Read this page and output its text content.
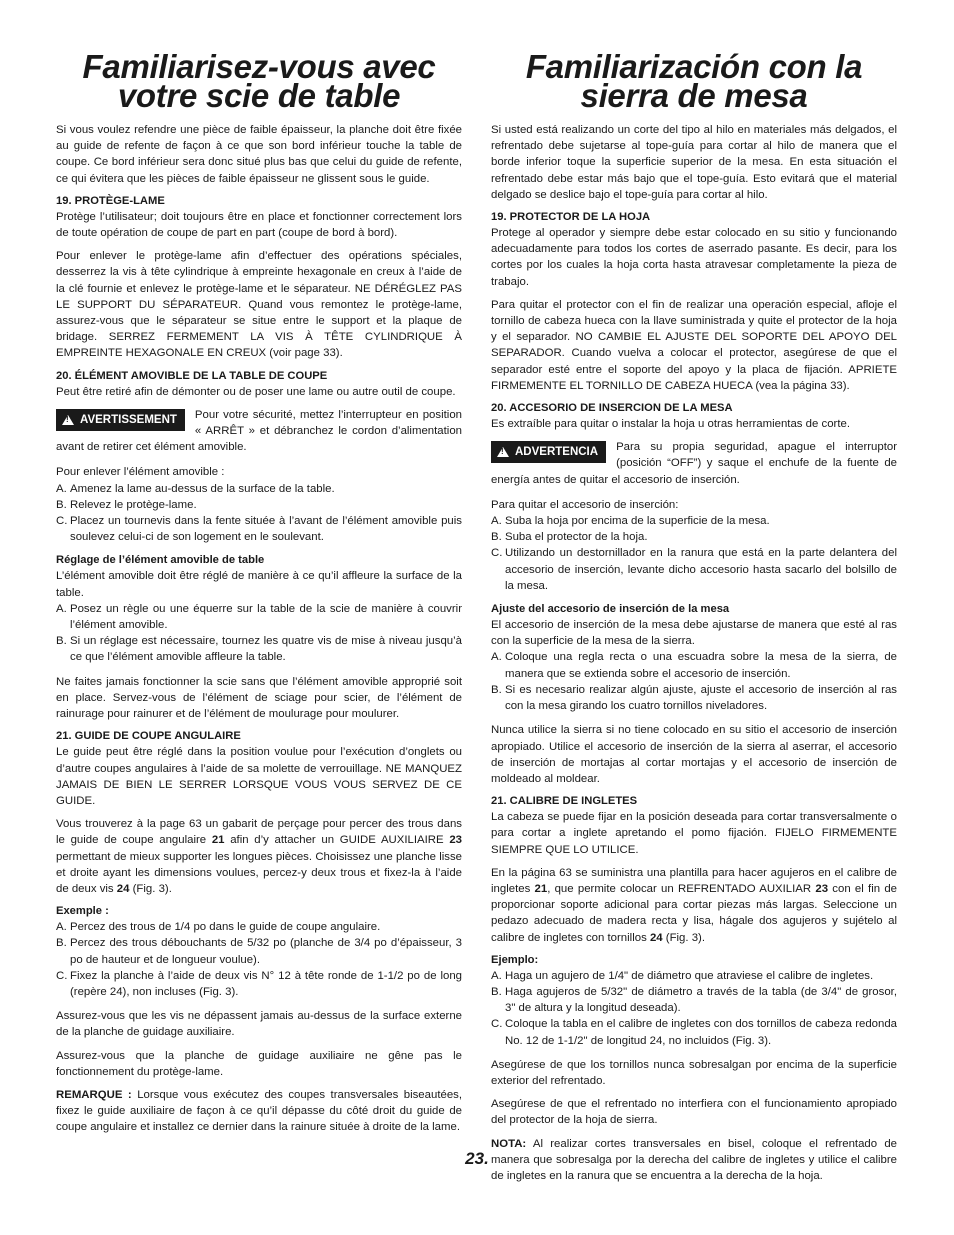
Familiarisez-vous avec
votre scie de table

Si vous voulez refendre une pièce de faible épaisseur, la planche doit être fixée au guide de refente de façon à ce que son bord inférieur touche la table de coupe. Ce bord inférieur sera donc situé plus bas que celui du guide de refente, ce qui évitera que les pièces de faible épaisseur ne glissent sous le guide.

19. PROTÈGE-LAME

Protège l’utilisateur; doit toujours être en place et fonctionner correctement lors de toute opération de coupe de part en part (coupe de bord à bord).

Pour enlever le protège-lame afin d’effectuer des opérations spéciales, desserrez la vis à tête cylindrique à empreinte hexagonale en creux à l’aide de la clé fournie et enlevez le protège-lame et le séparateur. NE DÉRÉGLEZ PAS LE SUPPORT DU SÉPARATEUR. Quand vous remontez le protège-lame, assurez-vous que le séparateur se situe entre le support et la plaque de bridage. SERREZ FERMEMENT LA VIS À TÊTE CYLINDRIQUE À EMPREINTE HEXAGONALE EN CREUX (voir page 33).

20. ÉLÉMENT AMOVIBLE DE LA TABLE DE COUPE

Peut être retiré afin de démonter ou de poser une lame ou autre outil de coupe.

!
AVERTISSEMENT Pour votre sécurité, mettez l’interrupteur en position « ARRÊT » et débranchez le cordon d’alimentation avant de retirer cet élément amovible.

Pour enlever l’élément amovible :

A. Amenez la lame au-dessus de la surface de la table.
B. Relevez le protège-lame.
C. Placez un tournevis dans la fente située à l’avant de l’élément amovible puis soulevez celui-ci de son logement en le soulevant.
Réglage de l’élément amovible de table

L’élément amovible doit être réglé de manière à ce qu’il affleure la surface de la table.

A. Posez un règle ou une équerre sur la table de la scie de manière à couvrir l’élément amovible.
B. Si un réglage est nécessaire, tournez les quatre vis de mise à niveau jusqu’à ce que l’élément amovible affleure la table.

Ne faites jamais fonctionner la scie sans que l’élément amovible approprié soit en place. Servez-vous de l’élément de sciage pour scier, de l’élément de rainurage pour rainurer et de l’élément de moulurage pour moulurer.

21. GUIDE DE COUPE ANGULAIRE

Le guide peut être réglé dans la position voulue pour l’exécution d’onglets ou d’autre coupes angulaires à l’aide de sa molette de verrouillage. NE MANQUEZ JAMAIS DE BIEN LE SERRER LORSQUE VOUS VOUS SERVEZ DE CE GUIDE.

Vous trouverez à la page 63 un gabarit de perçage pour percer des trous dans le guide de coupe angulaire 21 afin d’y attacher un GUIDE AUXILIAIRE 23 permettant de mieux supporter les longues pièces. Choisissez une planche lisse et droite ayant les dimensions voulues, percez-y deux trous et fixez-la à l’aide de deux vis 24 (Fig. 3).

Exemple :
A. Percez des trous de 1/4 po dans le guide de coupe angulaire.
B. Percez des trous débouchants de 5/32 po (planche de 3/4 po d’épaisseur, 3 po de hauteur et de longueur voulue).
C. Fixez la planche à l’aide de deux vis N° 12 à tête ronde de 1-1/2 po de long (repère 24), non incluses (Fig. 3).

Assurez-vous que les vis ne dépassent jamais au-dessus de la surface externe de la planche de guidage auxiliaire.

Assurez-vous que la planche de guidage auxiliaire ne gêne pas le fonctionnement du protège-lame.

REMARQUE : Lorsque vous exécutez des coupes transversales biseautées, fixez le guide auxiliaire de façon à ce qu’il dépasse du côté droit du guide de coupe angulaire et installez ce dernier dans la rainure située à droite de la lame.

Familiarización con la
sierra de mesa

Si usted está realizando un corte del tipo al hilo en materiales más delgados, el refrentado debe sujetarse al tope-guía para cortar al hilo de manera que el borde inferior toque la superficie superior de la mesa. En esta situación el refrentado debe estar más bajo que el tope-guía. Esto evitará que el material delgado se deslice bajo el tope-guía para cortar al hilo.

19. PROTECTOR DE LA HOJA

Protege al operador y siempre debe estar colocado en su sitio y funcionando adecuadamente para todos los cortes de aserrado pasante. Es decir, para los cortes por los cuales la hoja corta hasta atravesar completamente la pieza de trabajo.

Para quitar el protector con el fin de realizar una operación especial, afloje el tornillo de cabeza hueca con la llave suministrada y quite el protector de la hoja y el separador. NO CAMBIE EL AJUSTE DEL SOPORTE DEL APOYO DEL SEPARADOR. Cuando vuelva a colocar el protector, asegúrese de que el separador esté entre el soporte del apoyo y la placa de fijación. APRIETE FIRMEMENTE EL TORNILLO DE CABEZA HUECA (vea la página 33).

20. ACCESORIO DE INSERCION DE LA MESA

Es extraíble para quitar o instalar la hoja u otras herramientas de corte.

!
ADVERTENCIA Para su propia seguridad, apague el interruptor (posición “OFF”) y saque el enchufe de la fuente de energía antes de quitar el accesorio de inserción.

Para quitar el accesorio de inserción:

A. Suba la hoja por encima de la superficie de la mesa.
B. Suba el protector de la hoja.
C. Utilizando un destornillador en la ranura que está en la parte delantera del accesorio de inserción, levante dicho accesorio hasta sacarlo del bolsillo de la mesa.
Ajuste del accesorio de inserción de la mesa

El accesorio de inserción de la mesa debe ajustarse de manera que esté al ras con la superficie de la mesa de la sierra.

A. Coloque una regla recta o una escuadra sobre la mesa de la sierra, de manera que se extienda sobre el accesorio de inserción.
B. Si es necesario realizar algún ajuste, ajuste el accesorio de inserción al ras con la mesa girando los cuatro tornillos niveladores.

Nunca utilice la sierra si no tiene colocado en su sitio el accesorio de inserción apropiado. Utilice el accesorio de inserción de la sierra al aserrar, el accesorio de inserción de mortajas al cortar mortajas y el accesorio de inserción de moldeado al moldear.

21. CALIBRE DE INGLETES

La cabeza se puede fijar en la posición deseada para cortar transversalmente o para cortar a inglete apretando el pomo fijación. FIJELO FIRMEMENTE SIEMPRE QUE LO UTILICE.

En la página 63 se suministra una plantilla para hacer agujeros en el calibre de ingletes 21, que permite colocar un REFRENTADO AUXILIAR 23 con el fin de proporcionar soporte adicional para cortar piezas más largas. Seleccione un pedazo adecuado de madera recta y lisa, hágale dos agujeros y sujételo al calibre de ingletes con tornillos 24 (Fig. 3).

Ejemplo:
A. Haga un agujero de 1/4" de diámetro que atraviese el calibre de ingletes.
B. Haga agujeros de 5/32" de diámetro a través de la tabla (de 3/4" de grosor, 3" de altura y la longitud deseada).
C. Coloque la tabla en el calibre de ingletes con dos tornillos de cabeza redonda No. 12 de 1-1/2" de longitud 24, no incluidos (Fig. 3).

Asegúrese de que los tornillos nunca sobresalgan por encima de la superficie exterior del refrentado.

Asegúrese de que el refrentado no interfiera con el funcionamiento apropiado del protector de la hoja de sierra.

NOTA: Al realizar cortes transversales en bisel, coloque el refrentado de manera que sobresalga por la derecha del calibre de ingletes y utilice el calibre de ingletes en la ranura que se encuentra a la derecha de la hoja.

23.
